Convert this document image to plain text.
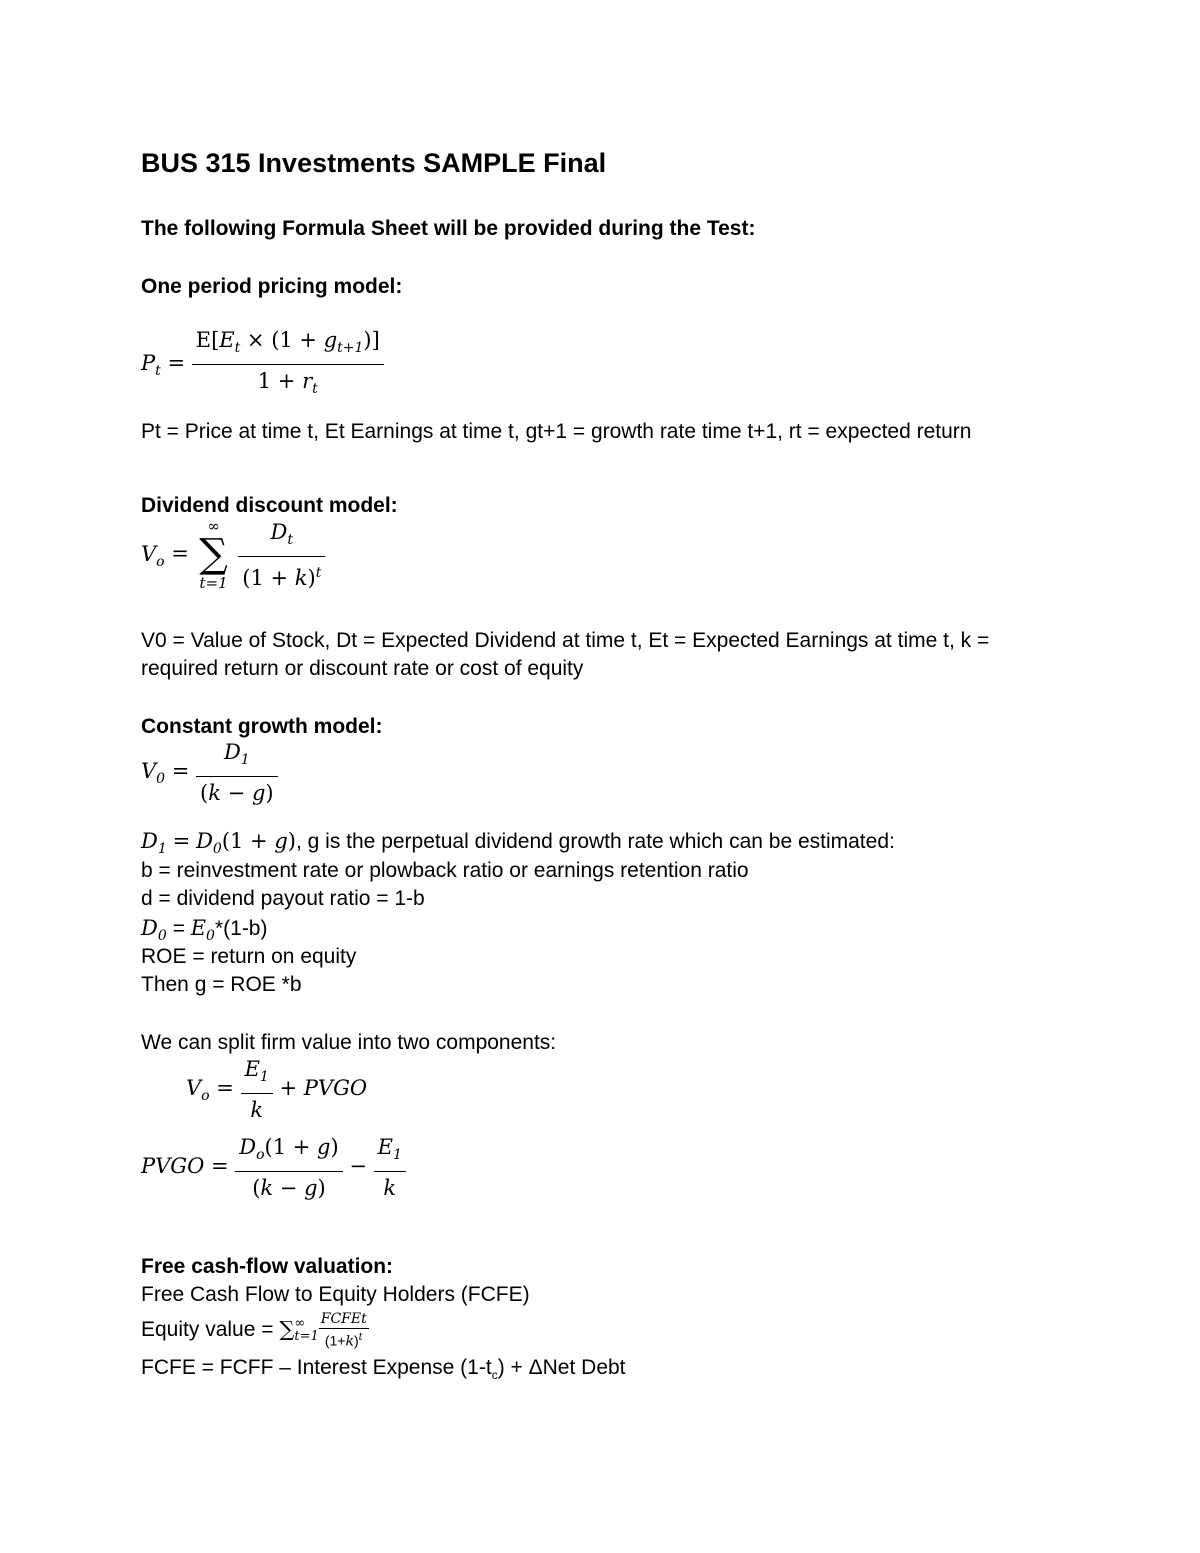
BUS 315 Investments SAMPLE Final
The following Formula Sheet will be provided during the Test:
One period pricing model:
$P_t = \frac{E[E_t \times (1 + g_{t+1})]}{1 + r_t}$
Pt = Price at time t, Et Earnings at time t, gt+1 = growth rate time t+1, rt = expected return
Dividend discount model:
$V_o$ =
∞
∑
t=1
$\frac{D_t}{(1 + k)^t}$
V0 = Value of Stock, Dt = Expected Dividend at time t, Et = Expected Earnings at time t, k =
required return or discount rate or cost of equity
Constant growth model:
$V_0 = \frac{D_1}{(k - g)}$
$D_1 = D_0(1 + g)$, g is the perpetual dividend growth rate which can be estimated:
b = reinvestment rate or plowback ratio or earnings retention ratio
d = dividend payout ratio = 1-b
$D_0 = E_0*(1-b)$
ROE = return on equity
Then g = ROE *b
We can split firm value into two components:
$V_o = \frac{E_1}{k}$ + PVGO
PVGO = $\frac{D_o(1 + g)}{(k - g)} - \frac{E_1}{k}$
Free cash-flow valuation:
Free Cash Flow to Equity Holders (FCFE)
Equity value = ∑ ∞
$t=1 \frac{\text{FCFEt}}{(1+k)^t}$
FCFE = FCFF – Interest Expense $(1-t_c) + \Delta Net$ Debt
